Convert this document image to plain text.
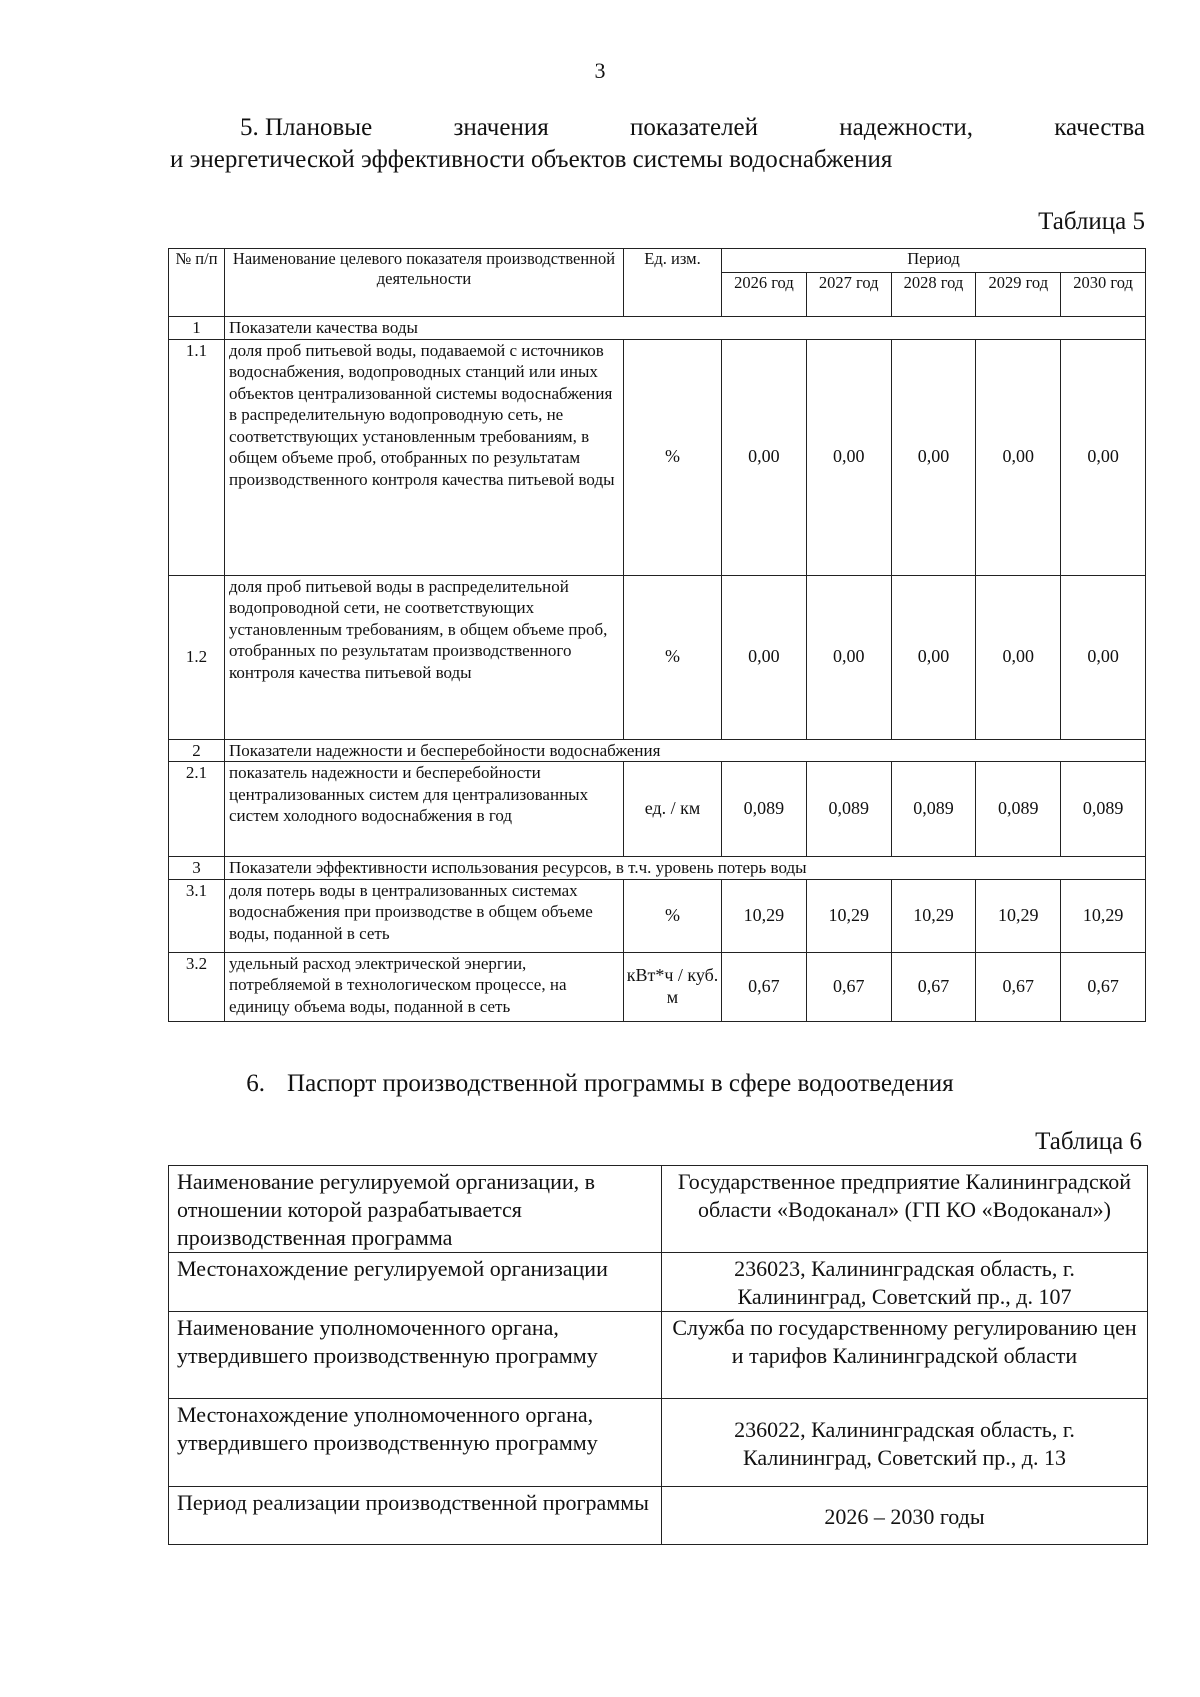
3
5. Плановые	значения	показателей	надежности,	качества
и энергетической эффективности объектов системы водоснабжения
Таблица 5
№ п/п	Наименование целевого показателя производственной деятельности	Ед. изм.	Период				
			2026 год	2027 год	2028 год	2029 год	2030 год
1	Показатели качества воды						
1.1	доля проб питьевой воды, подаваемой с источников водоснабжения, водопроводных станций или иных объектов централизованной системы водоснабжения в распределительную водопроводную сеть, не соответствующих установленным требованиям, в общем объеме проб, отобранных по результатам производственного контроля качества питьевой воды	%	0,00	0,00	0,00	0,00	0,00
1.2	доля проб питьевой воды в распределительной водопроводной сети, не соответствующих установленным требованиям, в общем объеме проб, отобранных по результатам производственного контроля качества питьевой воды	%	0,00	0,00	0,00	0,00	0,00
2	Показатели надежности и бесперебойности водоснабжения						
2.1	показатель надежности и бесперебойности централизованных систем для централизованных систем холодного водоснабжения в год	ед. / км	0,089	0,089	0,089	0,089	0,089
3	Показатели эффективности использования ресурсов, в т.ч. уровень потерь воды						
3.1	доля потерь воды в централизованных системах водоснабжения при производстве в общем объеме воды, поданной в сеть	%	10,29	10,29	10,29	10,29	10,29
3.2	удельный расход электрической энергии, потребляемой в технологическом процессе, на единицу объема воды, поданной в сеть	кВт*ч / куб. м	0,67	0,67	0,67	0,67	0,67
6. Паспорт производственной программы в сфере водоотведения
Таблица 6
Наименование регулируемой организации, в отношении которой разрабатывается производственная программа	Государственное предприятие Калининградской области «Водоканал» (ГП КО «Водоканал»)
Местонахождение регулируемой организации	236023, Калининградская область, г. Калининград, Советский пр., д. 107
Наименование уполномоченного органа, утвердившего производственную программу	Служба по государственному регулированию цен и тарифов Калининградской области
Местонахождение уполномоченного органа, утвердившего производственную программу	236022, Калининградская область, г. Калининград, Советский пр., д. 13
Период реализации производственной программы	2026 – 2030 годы
